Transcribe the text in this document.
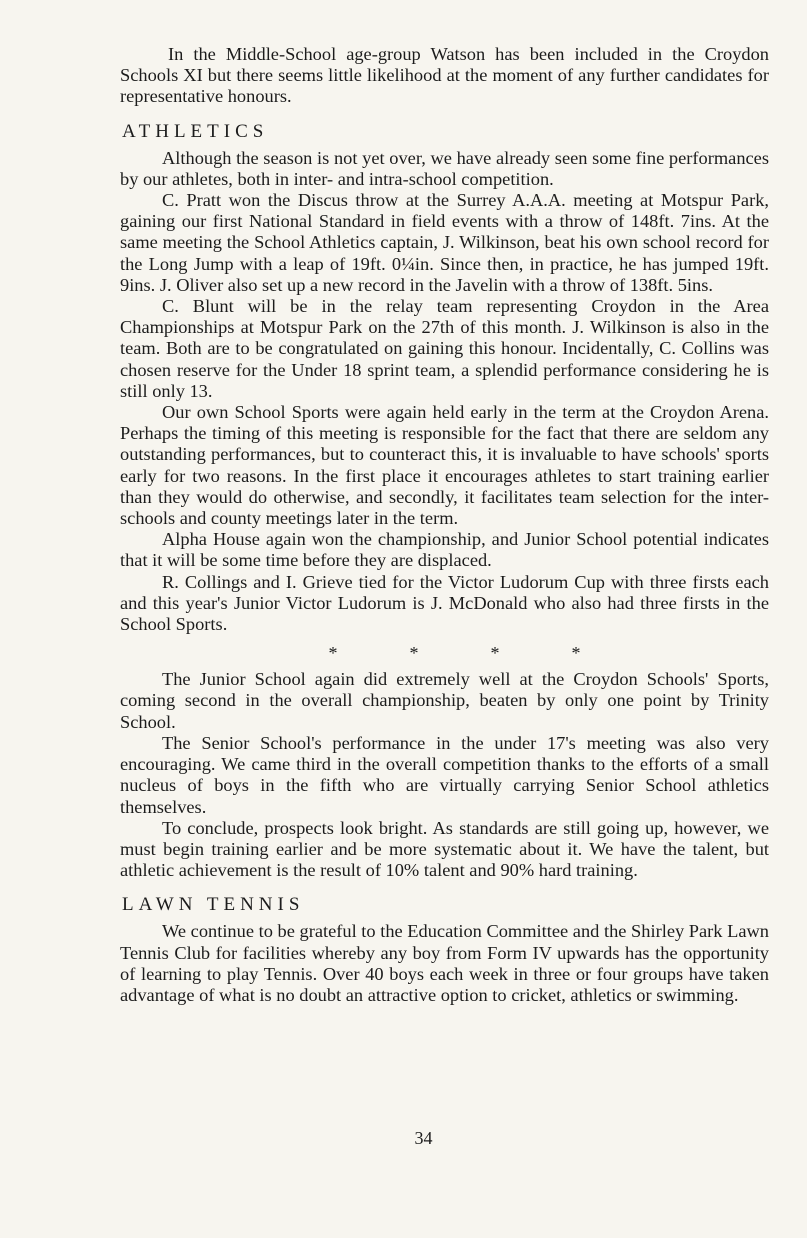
In the Middle-School age-group Watson has been included in the Croydon Schools XI but there seems little likelihood at the moment of any further candidates for representative honours.

ATHLETICS

Although the season is not yet over, we have already seen some fine performances by our athletes, both in inter- and intra-school competition.

C. Pratt won the Discus throw at the Surrey A.A.A. meeting at Motspur Park, gaining our first National Standard in field events with a throw of 148ft. 7ins. At the same meeting the School Athletics captain, J. Wilkinson, beat his own school record for the Long Jump with a leap of 19ft. 0¼in. Since then, in practice, he has jumped 19ft. 9ins. J. Oliver also set up a new record in the Javelin with a throw of 138ft. 5ins.

C. Blunt will be in the relay team representing Croydon in the Area Championships at Motspur Park on the 27th of this month. J. Wilkinson is also in the team. Both are to be congratulated on gaining this honour. Incidentally, C. Collins was chosen reserve for the Under 18 sprint team, a splendid performance considering he is still only 13.

Our own School Sports were again held early in the term at the Croydon Arena. Perhaps the timing of this meeting is responsible for the fact that there are seldom any outstanding performances, but to counteract this, it is invaluable to have schools' sports early for two reasons. In the first place it encourages athletes to start training earlier than they would do otherwise, and secondly, it facilitates team selection for the inter-schools and county meetings later in the term.

Alpha House again won the championship, and Junior School potential indicates that it will be some time before they are displaced.

R. Collings and I. Grieve tied for the Victor Ludorum Cup with three firsts each and this year's Junior Victor Ludorum is J. McDonald who also had three firsts in the School Sports.

*	*	*	*

The Junior School again did extremely well at the Croydon Schools' Sports, coming second in the overall championship, beaten by only one point by Trinity School.

The Senior School's performance in the under 17's meeting was also very encouraging. We came third in the overall competition thanks to the efforts of a small nucleus of boys in the fifth who are virtually carrying Senior School athletics themselves.

To conclude, prospects look bright. As standards are still going up, however, we must begin training earlier and be more systematic about it. We have the talent, but athletic achievement is the result of 10% talent and 90% hard training.

LAWN TENNIS

We continue to be grateful to the Education Committee and the Shirley Park Lawn Tennis Club for facilities whereby any boy from Form IV upwards has the opportunity of learning to play Tennis. Over 40 boys each week in three or four groups have taken advantage of what is no doubt an attractive option to cricket, athletics or swimming.

34
